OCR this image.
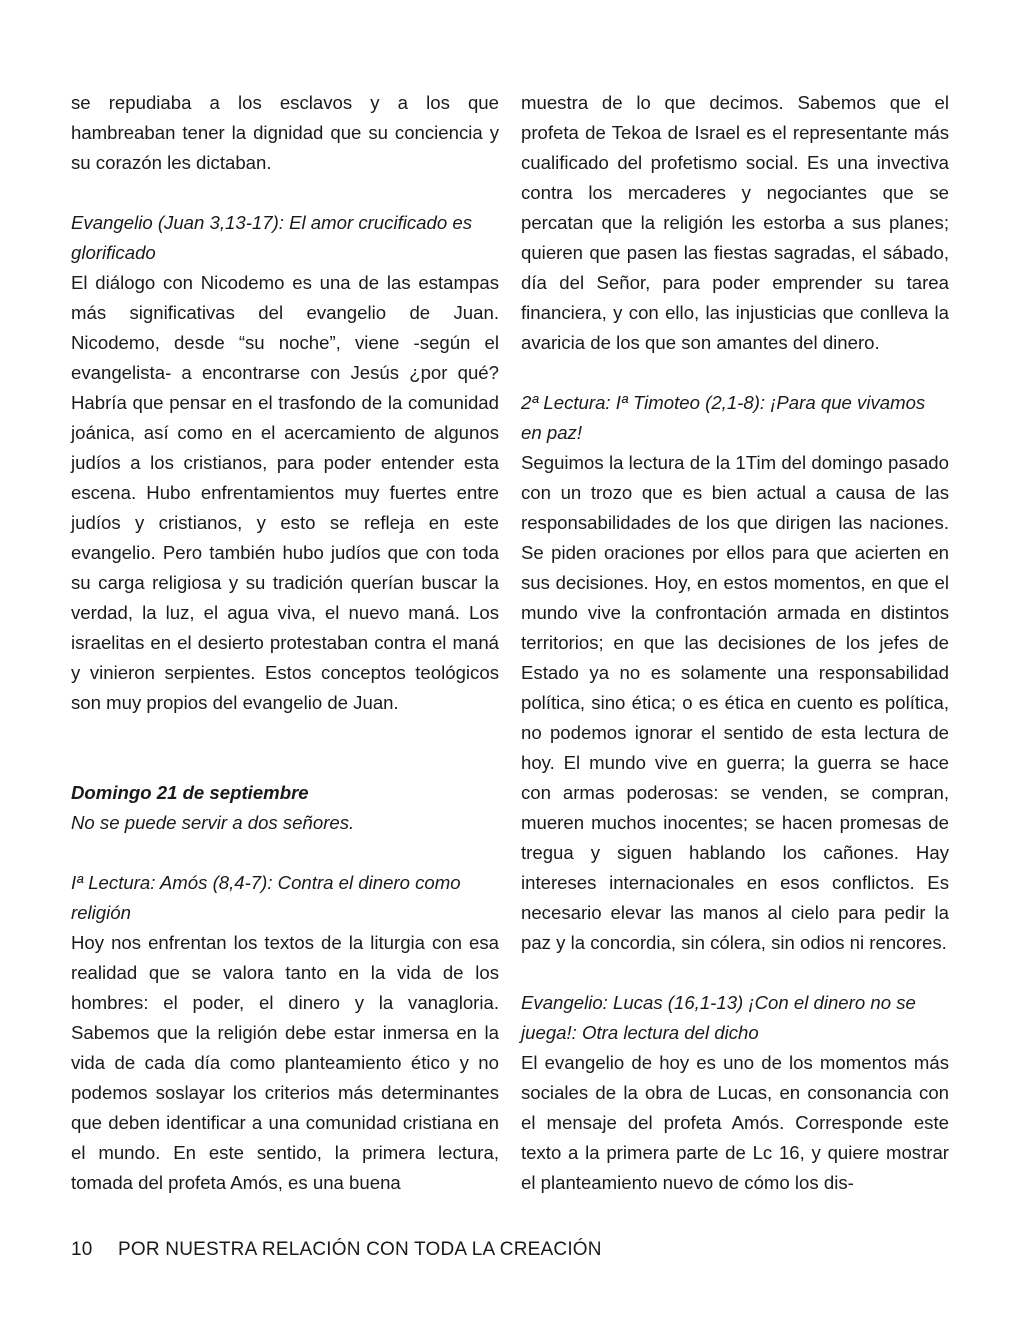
se repudiaba a los esclavos y a los que hambreaban tener la dignidad que su conciencia y su corazón les dictaban.

Evangelio (Juan 3,13-17): El amor crucificado es glorificado

El diálogo con Nicodemo es una de las estampas más significativas del evangelio de Juan. Nicodemo, desde “su noche”, viene -según el evangelista- a encontrarse con Jesús ¿por qué? Habría que pensar en el trasfondo de la comunidad joánica, así como en el acercamiento de algunos judíos a los cristianos, para poder entender esta escena. Hubo enfrentamientos muy fuertes entre judíos y cristianos, y esto se refleja en este evangelio. Pero también hubo judíos que con toda su carga religiosa y su tradición querían buscar la verdad, la luz, el agua viva, el nuevo maná. Los israelitas en el desierto protestaban contra el maná y vinieron serpientes. Estos conceptos teológicos son muy propios del evangelio de Juan.

Domingo 21 de septiembre

No se puede servir a dos señores.

Iª Lectura: Amós (8,4-7): Contra el dinero como religión

Hoy nos enfrentan los textos de la liturgia con esa realidad que se valora tanto en la vida de los hombres: el poder, el dinero y la vanagloria. Sabemos que la religión debe estar inmersa en la vida de cada día como planteamiento ético y no podemos soslayar los criterios más determinantes que deben identificar a una comunidad cristiana en el mundo. En este sentido, la primera lectura, tomada del profeta Amós, es una buena

muestra de lo que decimos. Sabemos que el profeta de Tekoa de Israel es el representante más cualificado del profetismo social. Es una invectiva contra los mercaderes y negociantes que se percatan que la religión les estorba a sus planes; quieren que pasen las fiestas sagradas, el sábado, día del Señor, para poder emprender su tarea financiera, y con ello, las injusticias que conlleva la avaricia de los que son amantes del dinero.

2ª Lectura: Iª Timoteo (2,1-8): ¡Para que vivamos en paz!

Seguimos la lectura de la 1Tim del domingo pasado con un trozo que es bien actual a causa de las responsabilidades de los que dirigen las naciones. Se piden oraciones por ellos para que acierten en sus decisiones. Hoy, en estos momentos, en que el mundo vive la confrontación armada en distintos territorios; en que las decisiones de los jefes de Estado ya no es solamente una responsabilidad política, sino ética; o es ética en cuento es política, no podemos ignorar el sentido de esta lectura de hoy. El mundo vive en guerra; la guerra se hace con armas poderosas: se venden, se compran, mueren muchos inocentes; se hacen promesas de tregua y siguen hablando los cañones. Hay intereses internacionales en esos conflictos. Es necesario elevar las manos al cielo para pedir la paz y la concordia, sin cólera, sin odios ni rencores.

Evangelio: Lucas (16,1-13) ¡Con el dinero no se juega!: Otra lectura del dicho

El evangelio de hoy es uno de los momentos más sociales de la obra de Lucas, en consonancia con el mensaje del profeta Amós. Corresponde este texto a la primera parte de Lc 16, y quiere mostrar el planteamiento nuevo de cómo los dis-

10 POR NUESTRA RELACIÓN CON TODA LA CREACIÓN
